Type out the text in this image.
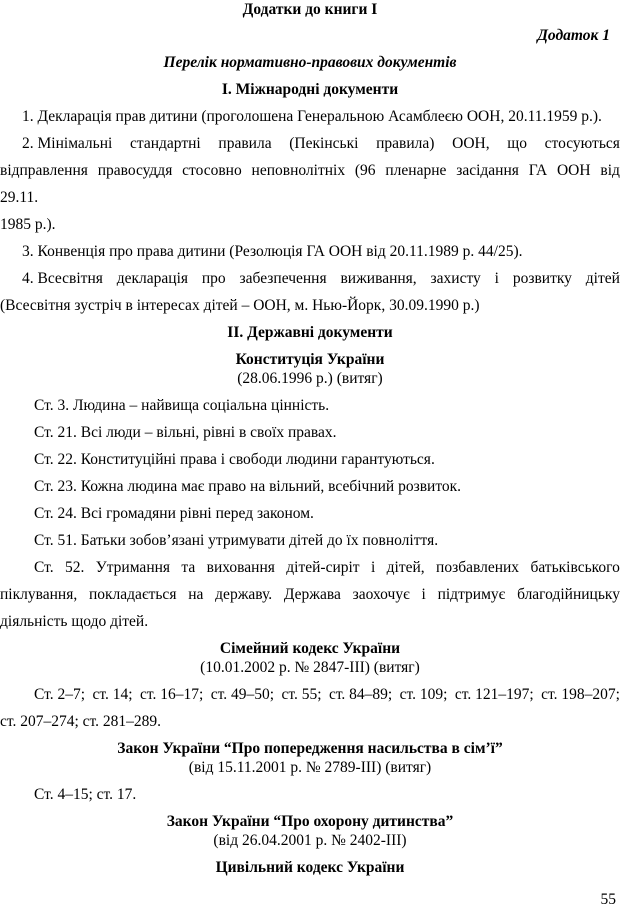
Додатки до книги І
Додаток 1
Перелік нормативно-правових документів
І. Міжнародні документи
1. Декларація прав дитини (проголошена Генеральною Асамблеєю ООН, 20.11.1959 р.).
2. Мінімальні стандартні правила (Пекінські правила) ООН, що стосуються
відправлення правосуддя стосовно неповнолітніх (96 пленарне засідання ГА ООН від
29.11.
1985 р.).
3. Конвенція про права дитини (Резолюція ГА ООН від 20.11.1989 р. 44/25).
4. Всесвітня декларація про забезпечення виживання, захисту і розвитку дітей
(Всесвітня зустріч в інтересах дітей – ООН, м. Нью-Йорк, 30.09.1990 р.)
ІІ. Державні документи
Конституція України
(28.06.1996 р.) (витяг)
Ст. 3. Людина – найвища соціальна цінність.
Ст. 21. Всі люди – вільні, рівні в своїх правах.
Ст. 22. Конституційні права і свободи людини гарантуються.
Ст. 23. Кожна людина має право на вільний, всебічний розвиток.
Ст. 24. Всі громадяни рівні перед законом.
Ст. 51. Батьки зобов’язані утримувати дітей до їх повноліття.
Ст. 52. Утримання та виховання дітей-сиріт і дітей, позбавлених батьківського
піклування, покладається на державу. Держава заохочує і підтримує благодійницьку
діяльність щодо дітей.
Сімейний кодекс України
(10.01.2002 р. № 2847-ІІІ) (витяг)
Ст. 2–7; ст. 14; ст. 16–17; ст. 49–50; ст. 55; ст. 84–89; ст. 109; ст. 121–197; ст. 198–207;
ст. 207–274; ст. 281–289.
Закон України “Про попередження насильства в сім’ї”
(від 15.11.2001 р. № 2789-ІІІ) (витяг)
Ст. 4–15; ст. 17.
Закон України “Про охорону дитинства”
(від 26.04.2001 р. № 2402-ІІІ)
Цивільний кодекс України
55
